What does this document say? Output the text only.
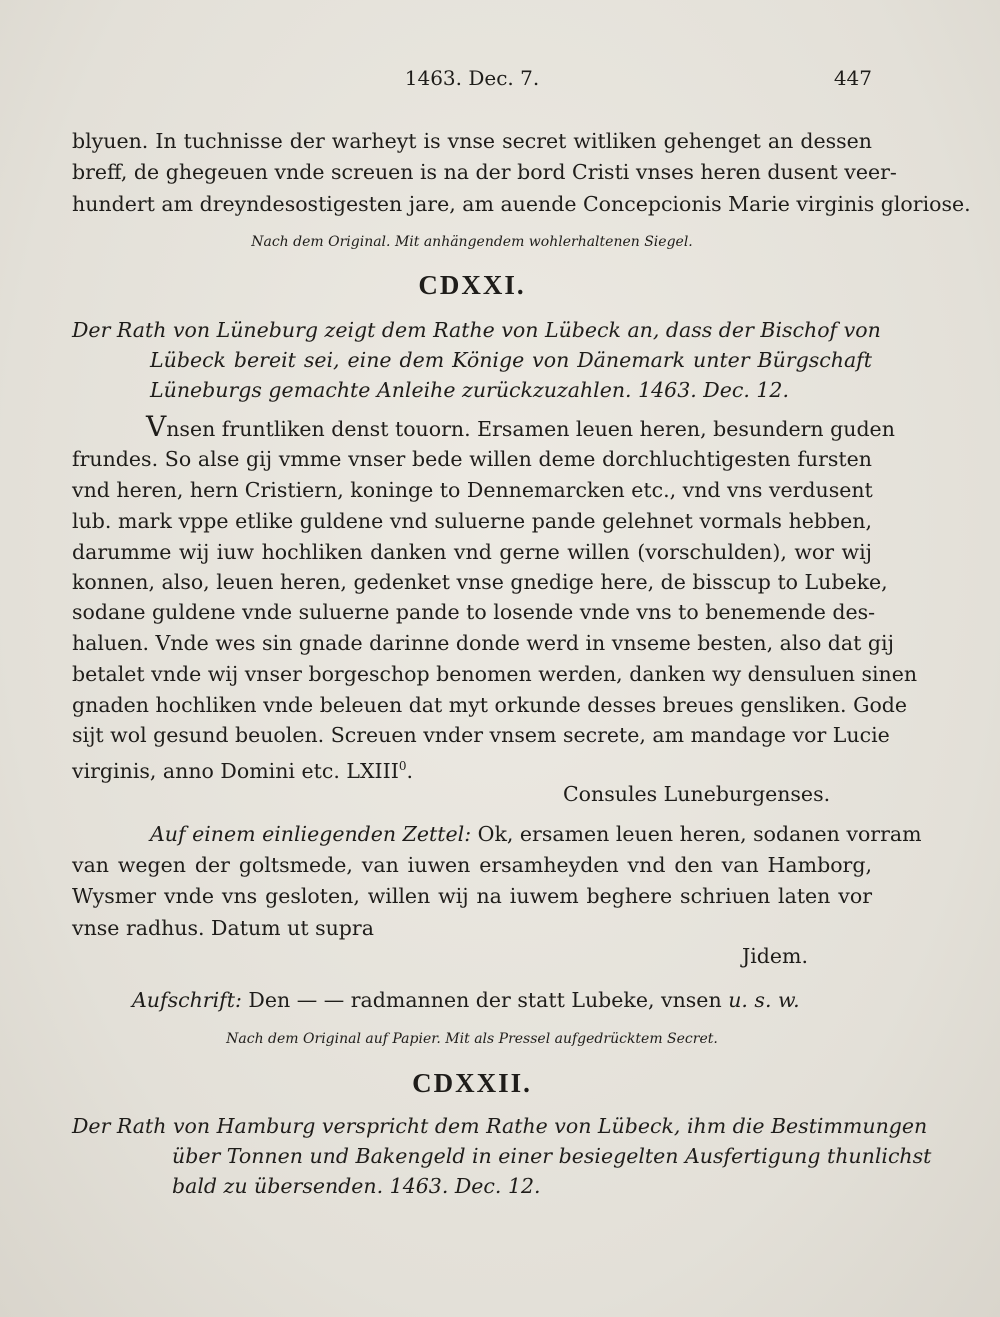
1463. Dec. 7.	447
blyuen. In tuchnisse der warheyt is vnse secret witliken gehenget an dessen
breff, de ghegeuen vnde screuen is na der bord Cristi vnses heren dusent veer-
hundert am dreyndesostigesten jare, am auende Concepcionis Marie virginis gloriose.
Nach dem Original. Mit anhängendem wohlerhaltenen Siegel.
CDXXI.
Der Rath von Lüneburg zeigt dem Rathe von Lübeck an, dass der Bischof von
Lübeck bereit sei, eine dem Könige von Dänemark unter Bürgschaft
Lüneburgs gemachte Anleihe zurückzuzahlen. 1463. Dec. 12.
Vnsen fruntliken denst touorn. Ersamen leuen heren, besundern guden
frundes. So alse gij vmme vnser bede willen deme dorchluchtigesten fursten
vnd heren, hern Cristiern, koninge to Dennemarcken etc., vnd vns verdusent
lub. mark vppe etlike guldene vnd suluerne pande gelehnet vormals hebben,
darumme wij iuw hochliken danken vnd gerne willen (vorschulden), wor wij
konnen, also, leuen heren, gedenket vnse gnedige here, de bisscup to Lubeke,
sodane guldene vnde suluerne pande to losende vnde vns to benemende des-
haluen. Vnde wes sin gnade darinne donde werd in vnseme besten, also dat gij
betalet vnde wij vnser borgeschop benomen werden, danken wy densuluen sinen
gnaden hochliken vnde beleuen dat myt orkunde desses breues gensliken. Gode
sijt wol gesund beuolen. Screuen vnder vnsem secrete, am mandage vor Lucie
virginis, anno Domini etc. LXIII$^0$.
Consules Luneburgenses.
Auf einem einliegenden Zettel: Ok, ersamen leuen heren, sodanen vorram
van wegen der goltsmede, van iuwen ersamheyden vnd den van Hamborg,
Wysmer vnde vns gesloten, willen wij na iuwem beghere schriuen laten vor
vnse radhus. Datum ut supra
Jidem.
Aufschrift: Den — — radmannen der statt Lubeke, vnsen u. s. w.
Nach dem Original auf Papier. Mit als Pressel aufgedrücktem Secret.
CDXXII.
Der Rath von Hamburg verspricht dem Rathe von Lübeck, ihm die Bestimmungen
über Tonnen und Bakengeld in einer besiegelten Ausfertigung thunlichst
bald zu übersenden. 1463. Dec. 12.
